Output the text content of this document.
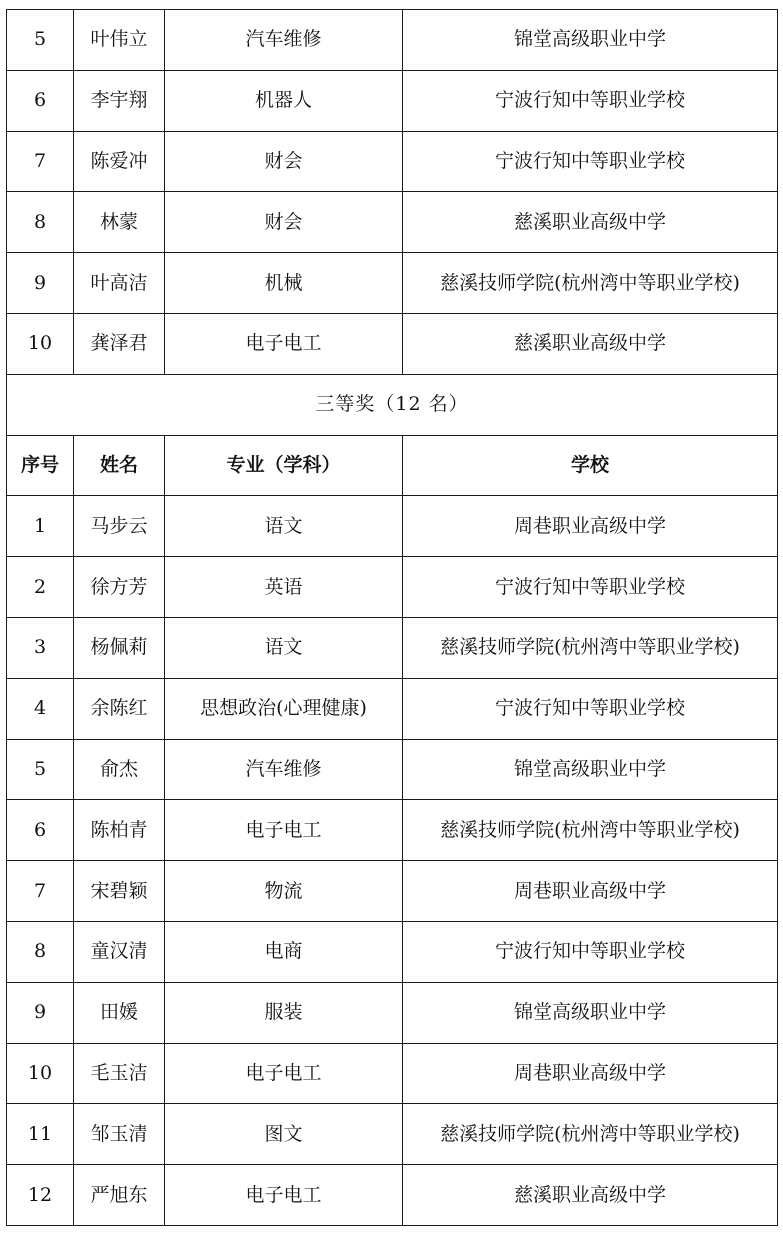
5	叶伟立	汽车维修	锦堂高级职业中学
6	李宇翔	机器人	宁波行知中等职业学校
7	陈爱冲	财会	宁波行知中等职业学校
8	林蒙	财会	慈溪职业高级中学
9	叶高洁	机械	慈溪技师学院(杭州湾中等职业学校)
10	龚泽君	电子电工	慈溪职业高级中学
三等奖（12 名）			
序号	姓名	专业（学科）	学校
1	马步云	语文	周巷职业高级中学
2	徐方芳	英语	宁波行知中等职业学校
3	杨佩莉	语文	慈溪技师学院(杭州湾中等职业学校)
4	余陈红	思想政治(心理健康)	宁波行知中等职业学校
5	俞杰	汽车维修	锦堂高级职业中学
6	陈柏青	电子电工	慈溪技师学院(杭州湾中等职业学校)
7	宋碧颖	物流	周巷职业高级中学
8	童汉清	电商	宁波行知中等职业学校
9	田媛	服装	锦堂高级职业中学
10	毛玉洁	电子电工	周巷职业高级中学
11	邹玉清	图文	慈溪技师学院(杭州湾中等职业学校)
12	严旭东	电子电工	慈溪职业高级中学
